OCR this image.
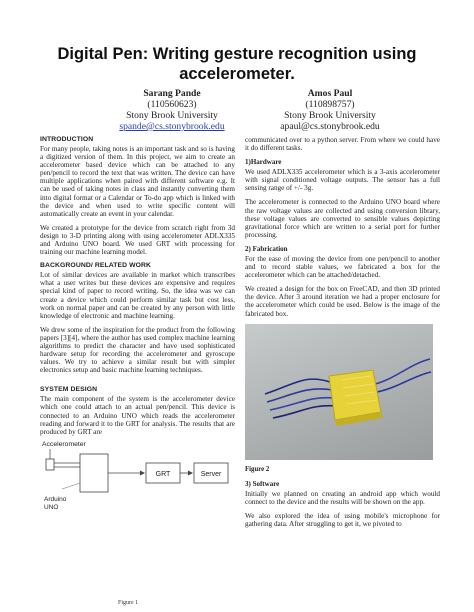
Digital Pen: Writing gesture recognition using
accelerometer.
Sarang Pande
(110560623)
Stony Brook University
spande@cs.stonybrook.edu
Amos Paul
(110898757)
Stony Brook University
apaul@cs.stonybrook.edu
INTRODUCTION

For many people, taking notes is an important task and so is having a digitized version of them. In this project, we aim to create an accelerometer based device which can be attached to any pen/pencil to record the text that was written. The device can have multiple applications when paired with different software e.g. It can be used of taking notes in class and instantly converting them into digital format or a Calendar or To-do app which is linked with the device and when used to write specific content will automatically create an event in your calendar.

We created a prototype for the device from scratch right from 3d design to 3-D printing along with using accelerometer ADLX335 and Arduino UNO board. We used GRT with processing for training our machine learning model.

BACKGROUND/ RELATED WORK

Lot of similar devices are available in market which transcribes what a user writes but these devices are expensive and requires special kind of paper to record writing. So, the idea was we can create a device which could perform similar task but cost less, work on normal paper and can be created by any person with little knowledge of electronic and machine learning.

We drew some of the inspiration for the product from the following papers [3][4], where the author has used complex machine learning algorithms to predict the character and have used sophisticated hardware setup for recording the accelerometer and gyroscope values. We try to achieve a similar result but with simpler electronics setup and basic machine learning techniques.

SYSTEM DESIGN

The main component of the system is the accelerometer device which one could attach to an actual pen/pencil. This device is connected to an Arduino UNO which reads the accelerometer reading and forward it to the GRT for analysis. The results that are produced by GRT are

Accelerometer
GRT	Server
Arduino
UNO

communicated over to a python server. From where we could have it do different tasks.

1)Hardware

We used ADLX335 accelerometer which is a 3-axis accelerometer with signal conditioned voltage outputs. The sensor has a full sensing range of +/- 3g.

The accelerometer is connected to the Arduino UNO board where the raw voltage values are collected and using conversion library, these voltage values are converted to sensible values depicting gravitational force which are written to a serial port for further processing.

2) Fabrication

For the ease of moving the device from one pen/pencil to another and to record stable values, we fabricated a box for the accelerometer which can be attached/detached.

We created a design for the box on FreeCAD, and then 3D printed the device. After 3 around iteration we had a proper enclosure for the accelerometer which could be used. Below is the image of the fabricated box.

Figure 2
3) Software

Initially we planned on creating an android app which would connect to the device and the results will be shown on the app.

We also explored the idea of using mobile's microphone for gathering data. After struggling to get it, we pivoted to

Figure 1
